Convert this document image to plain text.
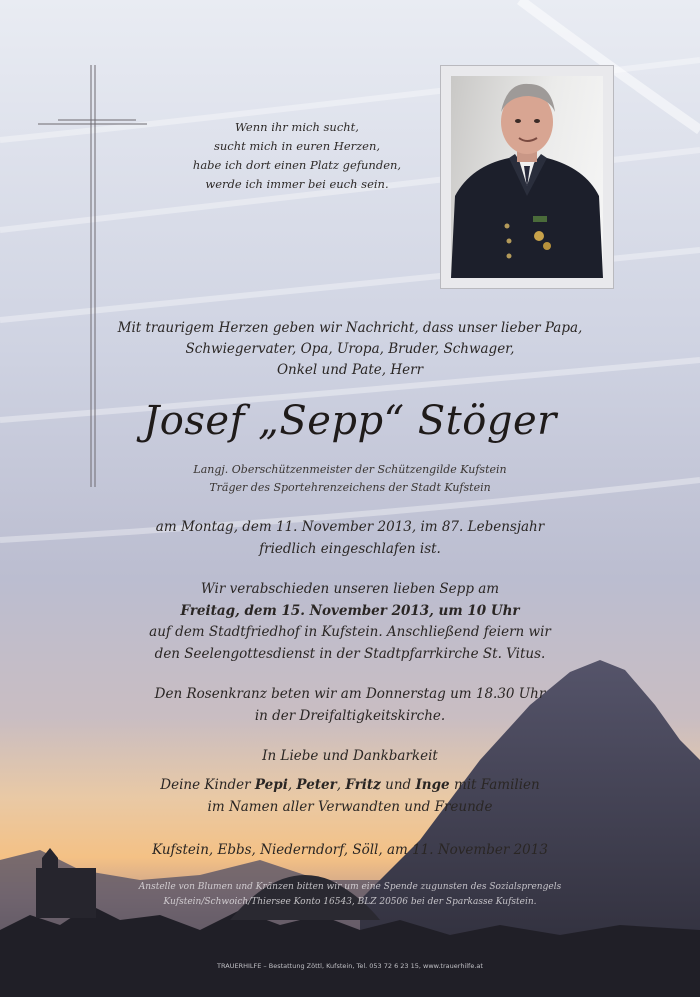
Wenn ihr mich sucht,
sucht mich in euren Herzen,
habe ich dort einen Platz gefunden,
werde ich immer bei euch sein.
Mit traurigem Herzen geben wir Nachricht, dass unser lieber Papa,
Schwiegervater, Opa, Uropa, Bruder, Schwager,
Onkel und Pate, Herr
Josef „Sepp“ Stöger
Langj. Oberschützenmeister der Schützengilde Kufstein
Träger des Sportehrenzeichens der Stadt Kufstein
am Montag, dem 11. November 2013, im 87. Lebensjahr
friedlich eingeschlafen ist.
Wir verabschieden unseren lieben Sepp am
Freitag, dem 15. November 2013, um 10 Uhr
auf dem Stadtfriedhof in Kufstein. Anschließend feiern wir
den Seelengottesdienst in der Stadtpfarrkirche St. Vitus.
Den Rosenkranz beten wir am Donnerstag um 18.30 Uhr
in der Dreifaltigkeitskirche.
In Liebe und Dankbarkeit
Deine Kinder Pepi, Peter, Fritz und Inge mit Familien
im Namen aller Verwandten und Freunde
Kufstein, Ebbs, Niederndorf, Söll, am 11. November 2013
Anstelle von Blumen und Kränzen bitten wir um eine Spende zugunsten des Sozialsprengels
Kufstein/Schwoich/Thiersee Konto 16543, BLZ 20506 bei der Sparkasse Kufstein.
TRAUERHILFE – Bestattung Zöttl, Kufstein, Tel. 053 72 6 23 15, www.trauerhilfe.at
